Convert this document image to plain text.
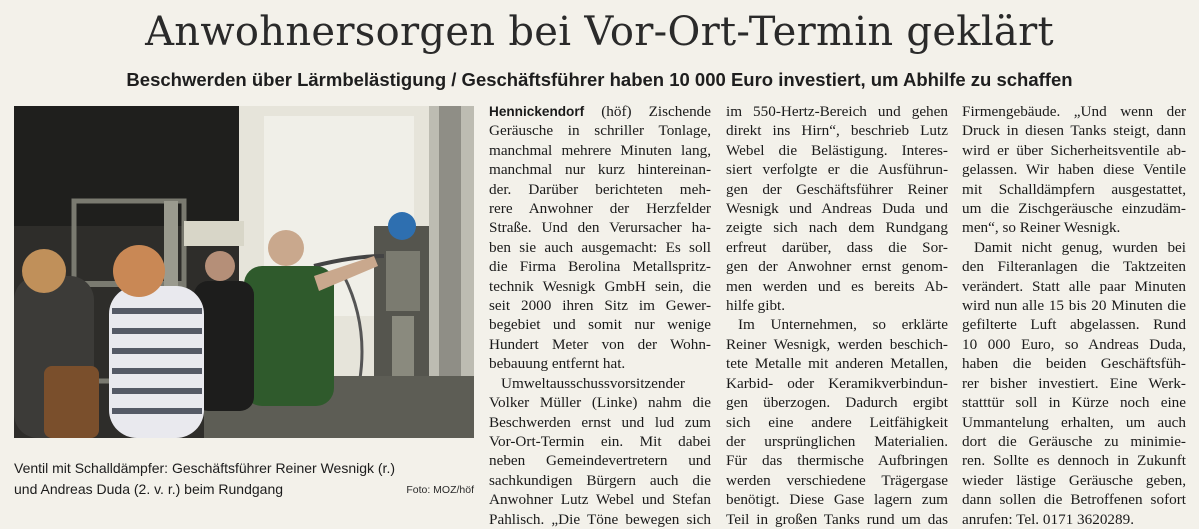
Anwohnersorgen bei Vor-Ort-Termin geklärt
Beschwerden über Lärmbelästigung / Geschäftsführer haben 10 000 Euro investiert, um Abhilfe zu schaffen
Ventil mit Schalldämpfer: Geschäftsführer Reiner Wesnigk (r.)
und Andreas Duda (2. v. r.) beim Rundgang	Foto: MOZ/höf
Hennickendorf (höf) Zischende
Geräusche in schriller Tonlage,
manchmal mehrere Minuten lang,
manchmal nur kurz hintereinan-
der. Darüber berichteten meh-
rere Anwohner der Herzfelder
Straße. Und den Verursacher ha-
ben sie auch ausgemacht: Es soll
die Firma Berolina Metallspritz-
technik Wesnigk GmbH sein, die
seit 2000 ihren Sitz im Gewer-
begebiet und somit nur wenige
Hundert Meter von der Wohn-
bebauung entfernt hat.
Umweltausschussvorsitzender
Volker Müller (Linke) nahm die
Beschwerden ernst und lud zum
Vor-Ort-Termin ein. Mit dabei
neben Gemeindevertretern und
sachkundigen Bürgern auch die
Anwohner Lutz Webel und Stefan
Pahlisch. „Die Töne bewegen sich
im 550-Hertz-Bereich und gehen
direkt ins Hirn“, beschrieb Lutz
Webel die Belästigung. Interes-
siert verfolgte er die Ausführun-
gen der Geschäftsführer Reiner
Wesnigk und Andreas Duda und
zeigte sich nach dem Rundgang
erfreut darüber, dass die Sor-
gen der Anwohner ernst genom-
men werden und es bereits Ab-
hilfe gibt.
Im Unternehmen, so erklärte
Reiner Wesnigk, werden beschich-
tete Metalle mit anderen Metallen,
Karbid- oder Keramikverbindun-
gen überzogen. Dadurch ergibt
sich eine andere Leitfähigkeit
der ursprünglichen Materialien.
Für das thermische Aufbringen
werden verschiedene Trägergase
benötigt. Diese Gase lagern zum
Teil in großen Tanks rund um das
Firmengebäude. „Und wenn der
Druck in diesen Tanks steigt, dann
wird er über Sicherheitsventile ab-
gelassen. Wir haben diese Ventile
mit Schalldämpfern ausgestattet,
um die Zischgeräusche einzudäm-
men“, so Reiner Wesnigk.
Damit nicht genug, wurden bei
den Filteranlagen die Taktzeiten
verändert. Statt alle paar Minuten
wird nun alle 15 bis 20 Minuten die
gefilterte Luft abgelassen. Rund
10 000 Euro, so Andreas Duda,
haben die beiden Geschäftsfüh-
rer bisher investiert. Eine Werk-
statttür soll in Kürze noch eine
Ummantelung erhalten, um auch
dort die Geräusche zu minimie-
ren. Sollte es dennoch in Zukunft
wieder lästige Geräusche geben,
dann sollen die Betroffenen sofort
anrufen: Tel. 0171 3620289.
